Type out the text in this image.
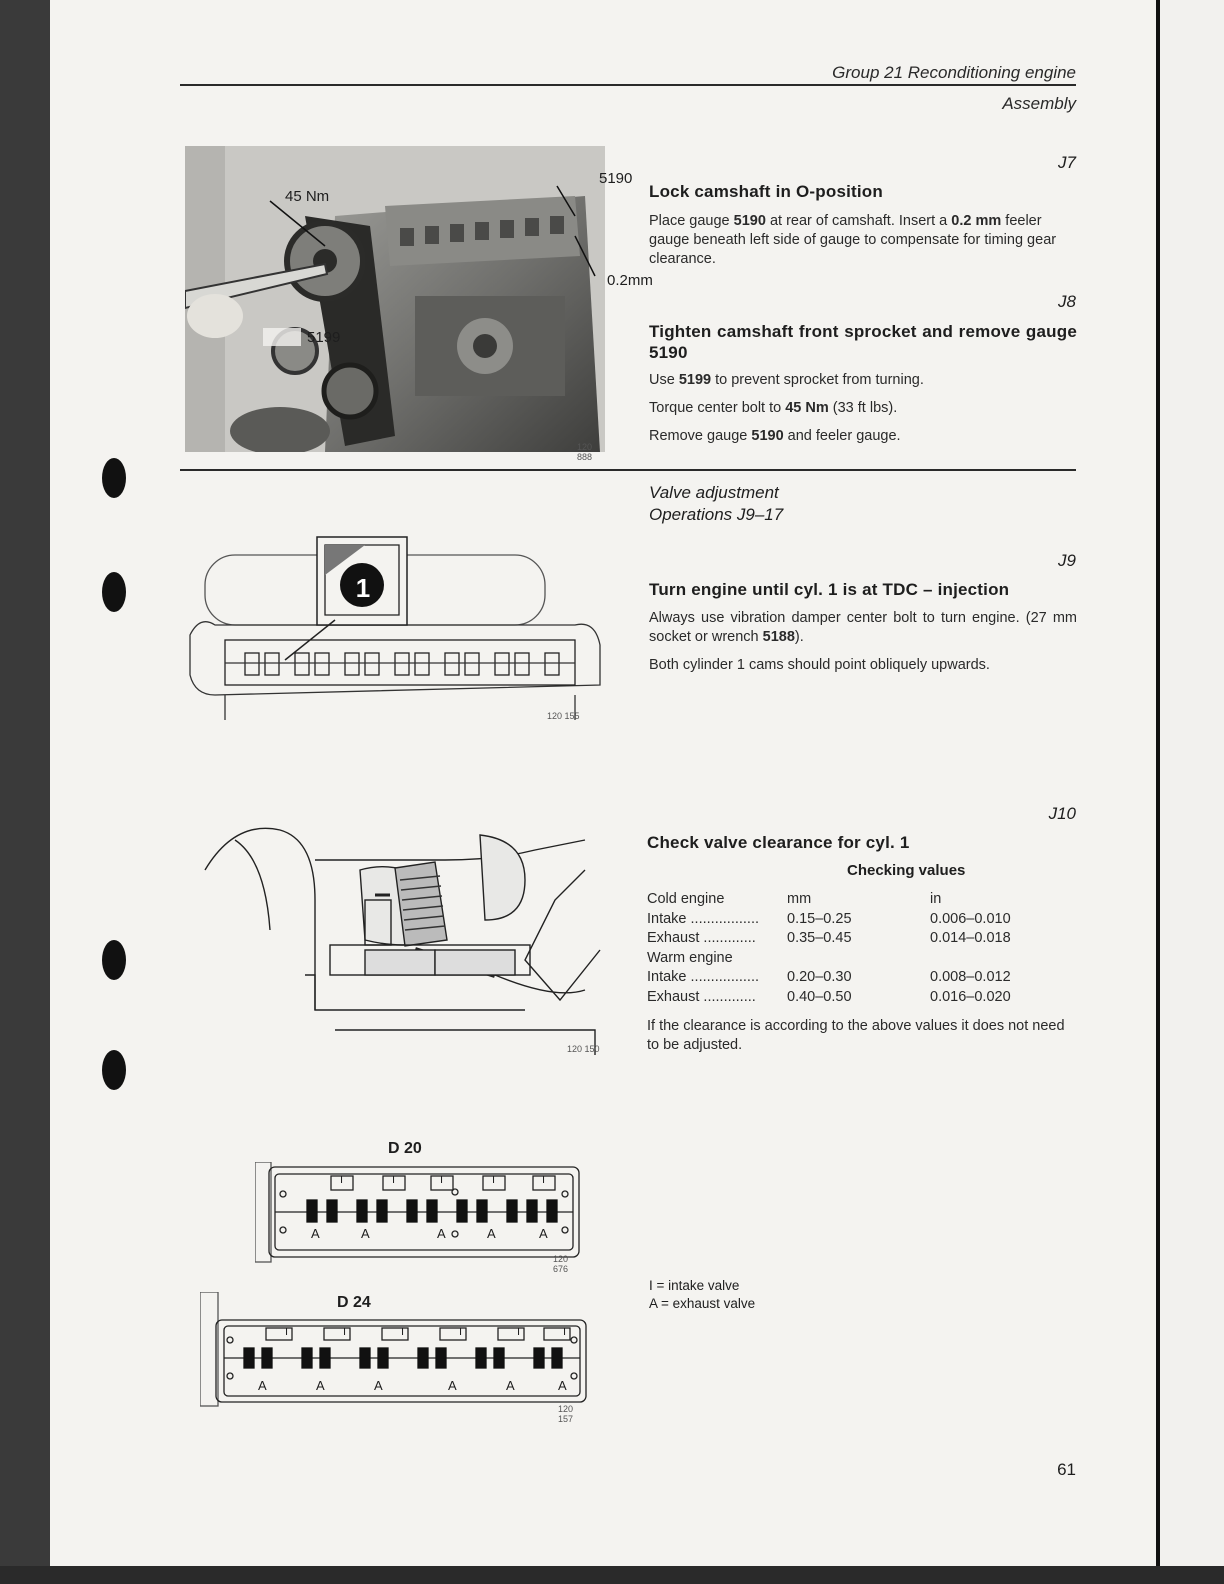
Group 21 Reconditioning engine
Assembly
45 Nm
5190
0.2mm
5199
120 888
J7
Lock camshaft in O-position
Place gauge 5190 at rear of camshaft. Insert a 0.2 mm feeler gauge beneath left side of gauge to compensate for timing gear clearance.
J8
Tighten camshaft front sprocket and remove gauge 5190
Use 5199 to prevent sprocket from turning.
Torque center bolt to 45 Nm (33 ft lbs).
Remove gauge 5190 and feeler gauge.
Valve adjustment
Operations J9–17
1
120 155
J9
Turn engine until cyl. 1 is at TDC – injection
Always use vibration damper center bolt to turn engine. (27 mm socket or wrench 5188).
Both cylinder 1 cams should point obliquely upwards.
120 150
J10
Check valve clearance for cyl. 1
Checking values
Cold engine	mm	in
Intake .................	0.15–0.25	0.006–0.010
Exhaust .............	0.35–0.45	0.014–0.018
Warm engine		
Intake .................	0.20–0.30	0.008–0.012
Exhaust .............	0.40–0.50	0.016–0.020
If the clearance is according to the above values it does not need to be adjusted.
D 20
I	I	I	I	I
A	A	A	A	A
120 676
D 24
I	I	I	I	I	I
A	A	A	A	A	A
120 157
I = intake valve
A = exhaust valve
61
